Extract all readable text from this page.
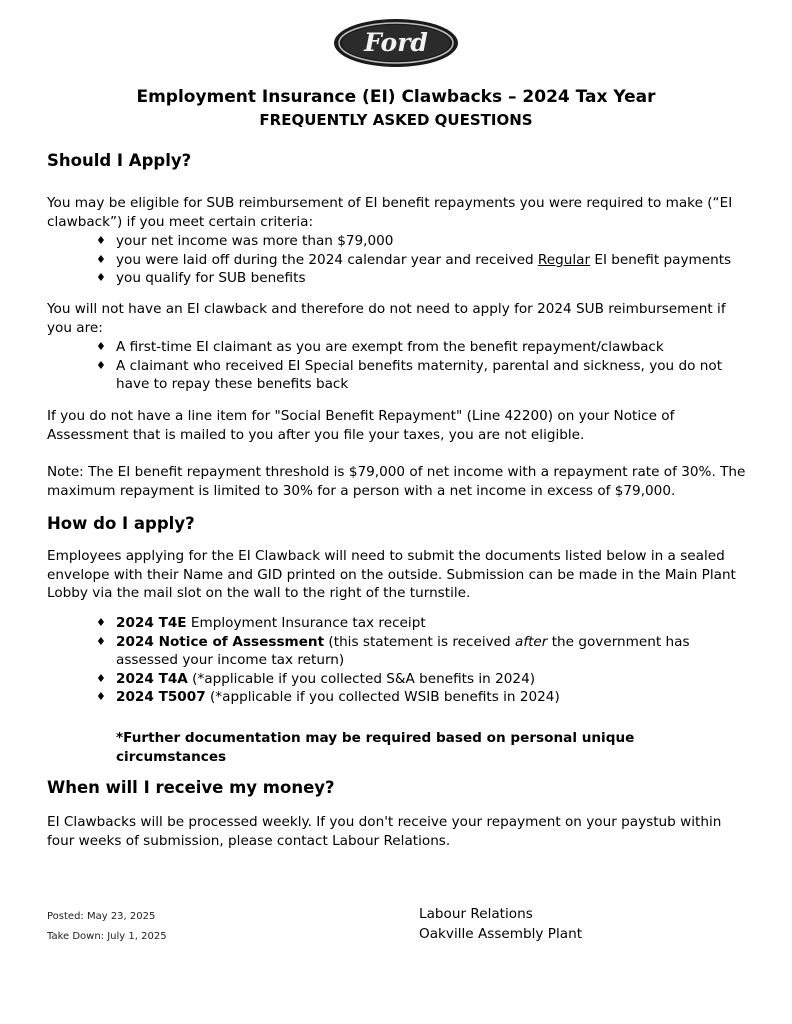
Ford
Employment Insurance (EI) Clawbacks – 2024 Tax Year
FREQUENTLY ASKED QUESTIONS
Should I Apply?
You may be eligible for SUB reimbursement of EI benefit repayments you were required to make (“EI clawback”) if you meet certain criteria:
♦ your net income was more than $79,000
♦ you were laid off during the 2024 calendar year and received Regular EI benefit payments
♦ you qualify for SUB benefits
You will not have an EI clawback and therefore do not need to apply for 2024 SUB reimbursement if you are:
♦ A first-time EI claimant as you are exempt from the benefit repayment/clawback
♦ A claimant who received EI Special benefits maternity, parental and sickness, you do not have to repay these benefits back
If you do not have a line item for "Social Benefit Repayment" (Line 42200) on your Notice of Assessment that is mailed to you after you file your taxes, you are not eligible.
Note: The EI benefit repayment threshold is $79,000 of net income with a repayment rate of 30%. The maximum repayment is limited to 30% for a person with a net income in excess of $79,000.
How do I apply?
Employees applying for the EI Clawback will need to submit the documents listed below in a sealed envelope with their Name and GID printed on the outside. Submission can be made in the Main Plant Lobby via the mail slot on the wall to the right of the turnstile.
♦ 2024 T4E Employment Insurance tax receipt
♦ 2024 Notice of Assessment (this statement is received after the government has assessed your income tax return)
♦ 2024 T4A (*applicable if you collected S&A benefits in 2024)
♦ 2024 T5007 (*applicable if you collected WSIB benefits in 2024)
*Further documentation may be required based on personal unique circumstances
When will I receive my money?
EI Clawbacks will be processed weekly. If you don't receive your repayment on your paystub within four weeks of submission, please contact Labour Relations.
Posted: May 23, 2025
Take Down: July 1, 2025
Labour Relations
Oakville Assembly Plant
